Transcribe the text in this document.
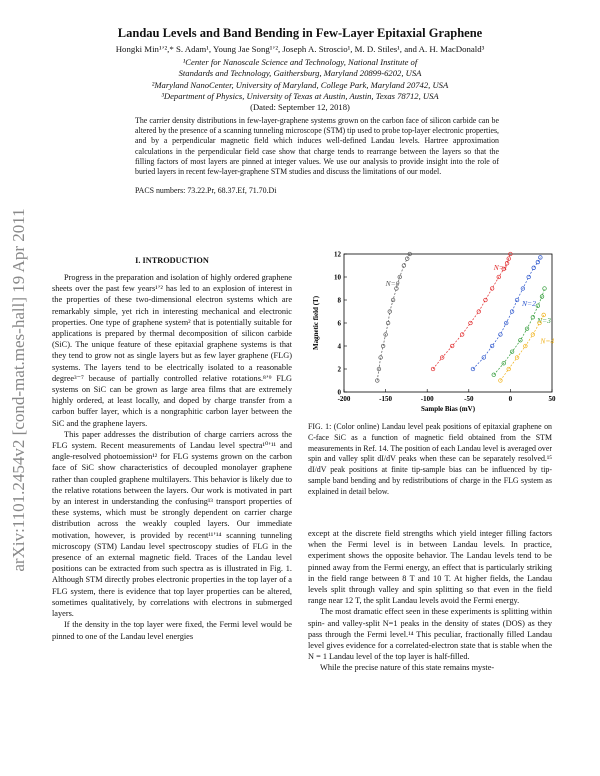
Landau Levels and Band Bending in Few-Layer Epitaxial Graphene
Hongki Min¹ʼ²,* S. Adam¹, Young Jae Song¹ʼ², Joseph A. Stroscio¹, M. D. Stiles¹, and A. H. MacDonald³
¹Center for Nanoscale Science and Technology, National Institute of
Standards and Technology, Gaithersburg, Maryland 20899-6202, USA
²Maryland NanoCenter, University of Maryland, College Park, Maryland 20742, USA
³Department of Physics, University of Texas at Austin, Austin, Texas 78712, USA
(Dated: September 12, 2018)
The carrier density distributions in few-layer-graphene systems grown on the carbon face of silicon carbide can be altered by the presence of a scanning tunneling microscope (STM) tip used to probe top-layer electronic properties, and by a perpendicular magnetic field which induces well-defined Landau levels. Hartree approximation calculations in the perpendicular field case show that charge tends to rearrange between the layers so that the filling factors of most layers are pinned at integer values. We use our analysis to provide insight into the role of buried layers in recent few-layer-graphene STM studies and discuss the limitations of our model.
PACS numbers: 73.22.Pr, 68.37.Ef, 71.70.Di
arXiv:1101.2454v2 [cond-mat.mes-hall] 19 Apr 2011	I. INTRODUCTION

Progress in the preparation and isolation of highly ordered graphene sheets over the past few years¹ʼ² has led to an explosion of interest in the properties of these two-dimensional electron systems which are remarkably simple, yet rich in interesting mechanical and electronic properties. One type of graphene system² that is potentially suitable for applications is prepared by thermal decomposition of silicon carbide (SiC). The unique feature of these epitaxial graphene systems is that they tend to grow not as single layers but as few layer graphene (FLG) systems. The layers tend to be electrically isolated to a reasonable degree³⁻⁷ because of partially controlled relative rotations.⁸ʼ⁹ FLG systems on SiC can be grown as large area films that are extremely highly ordered, at least locally, and doped by charge transfer from a carbon buffer layer, which is a nongraphitic carbon layer between the SiC and the graphene layers.

This paper addresses the distribution of charge carriers across the FLG system. Recent measurements of Landau level spectra¹⁰ʼ¹¹ and angle-resolved photoemission¹² for FLG systems grown on the carbon face of SiC show characteristics of decoupled monolayer graphene rather than coupled graphene multilayers. This behavior is likely due to the relative rotations between the layers. Our work is motivated in part by an interest in understanding the confusing¹³ transport properties of these systems, which must be strongly dependent on carrier charge distribution across the weakly coupled layers. Our immediate motivation, however, is provided by recent¹¹ʼ¹⁴ scanning tunneling microscopy (STM) Landau level spectroscopy studies of FLG in the presence of an external magnetic field. Traces of the Landau level positions can be extracted from such spectra as is illustrated in Fig. 1. Although STM directly probes electronic properties in the top layer of a FLG system, there is evidence that top layer properties can be altered, sometimes qualitatively, by correlations with electrons in submerged layers.

If the density in the top layer were fixed, the Fermi level would be pinned to one of the Landau level energies

-200	-150	-100	-50	0	50
0
2
4
6
8
10
12
Sample Bias (mV)
Magnetic field (T)
N=0
N=1
N=2
N=3
N=4
FIG. 1: (Color online) Landau level peak positions of epitaxial graphene on C-face SiC as a function of magnetic field obtained from the STM measurements in Ref. 14. The position of each Landau level is averaged over spin and valley split dI/dV peaks when these can be separately resolved.¹⁵ dI/dV peak positions at finite tip-sample bias can be influenced by tip-sample band bending and by redistributions of charge in the FLG system as explained in detail below.

except at the discrete field strengths which yield integer filling factors when the Fermi level is in between Landau levels. In practice, experiment shows the opposite behavior. The Landau levels tend to be pinned away from the Fermi energy, an effect that is particularly striking in the field range between 8 T and 10 T. At higher fields, the Landau levels split through valley and spin splitting so that even in the field range near 12 T, the split Landau levels avoid the Fermi energy.

The most dramatic effect seen in these experiments is splitting within spin- and valley-split N=1 peaks in the density of states (DOS) as they pass through the Fermi level.¹⁴ This peculiar, fractionally filled Landau level gives evidence for a correlated-electron state that is stable when the N = 1 Landau level of the top layer is half-filled.

While the precise nature of this state remains myste-
